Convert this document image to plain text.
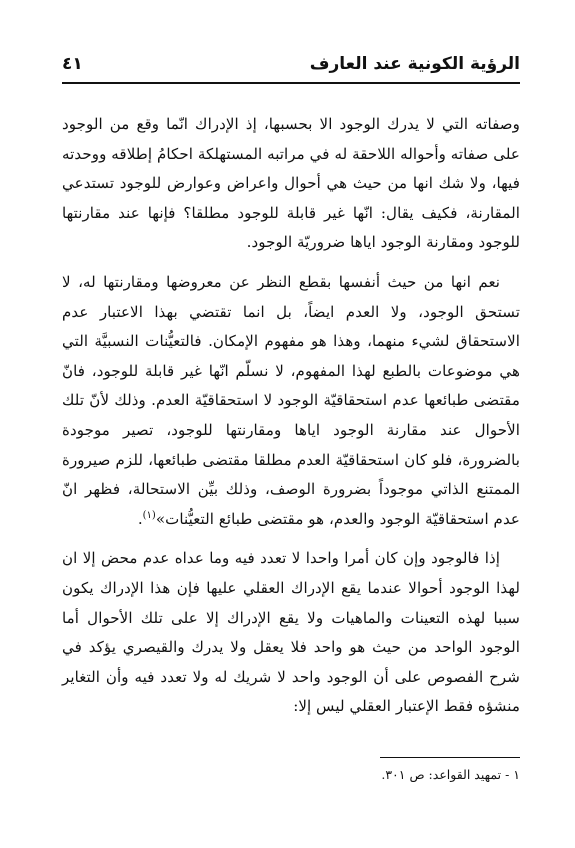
الرؤية الكونية عند العارف
٤١

وصفاته التي لا يدرك الوجود الا بحسبها، إذ الإدراك انّما وقع من الوجود على صفاته وأحواله اللاحقة له في مراتبه المستهلكة احكامُ إطلاقه ووحدته فيها، ولا شك انها من حيث هي أحوال واعراض وعوارض للوجود تستدعي المقارنة، فكيف يقال: انّها غير قابلة للوجود مطلقا؟ فإنها عند مقارنتها للوجود ومقارنة الوجود اياها ضروريّة الوجود.

نعم انها من حيث أنفسها بقطع النظر عن معروضها ومقارنتها له، لا تستحق الوجود، ولا العدم ايضاً، بل انما تقتضي بهذا الاعتبار عدم الاستحقاق لشيء منهما، وهذا هو مفهوم الإمكان. فالتعيُّنات النسبيَّة التي هي موضوعات بالطبع لهذا المفهوم، لا نسلّم انّها غير قابلة للوجود، فانّ مقتضى طبائعها عدم استحقاقيّة الوجود لا استحقاقيّة العدم. وذلك لأنّ تلك الأحوال عند مقارنة الوجود اياها ومقارنتها للوجود، تصير موجودة بالضرورة، فلو كان استحقاقيّة العدم مطلقا مقتضى طبائعها، للزم صيرورة الممتنع الذاتي موجوداً بضرورة الوصف، وذلك بيِّن الاستحالة، فظهر انّ عدم استحقاقيّة الوجود والعدم، هو مقتضى طبائع التعيُّنات»$^{(١)}$.

إذا فالوجود وإن كان أمرا واحدا لا تعدد فيه وما عداه عدم محض إلا ان لهذا الوجود أحوالا عندما يقع الإدراك العقلي عليها فإن هذا الإدراك يكون سببا لهذه التعينات والماهيات ولا يقع الإدراك إلا على تلك الأحوال أما الوجود الواحد من حيث هو واحد فلا يعقل ولا يدرك والقيصري يؤكد في شرح الفصوص على أن الوجود واحد لا شريك له ولا تعدد فيه وأن التغاير منشؤه فقط الإعتبار العقلي ليس إلا:

١ - تمهيد القواعد: ص ٣٠١.
